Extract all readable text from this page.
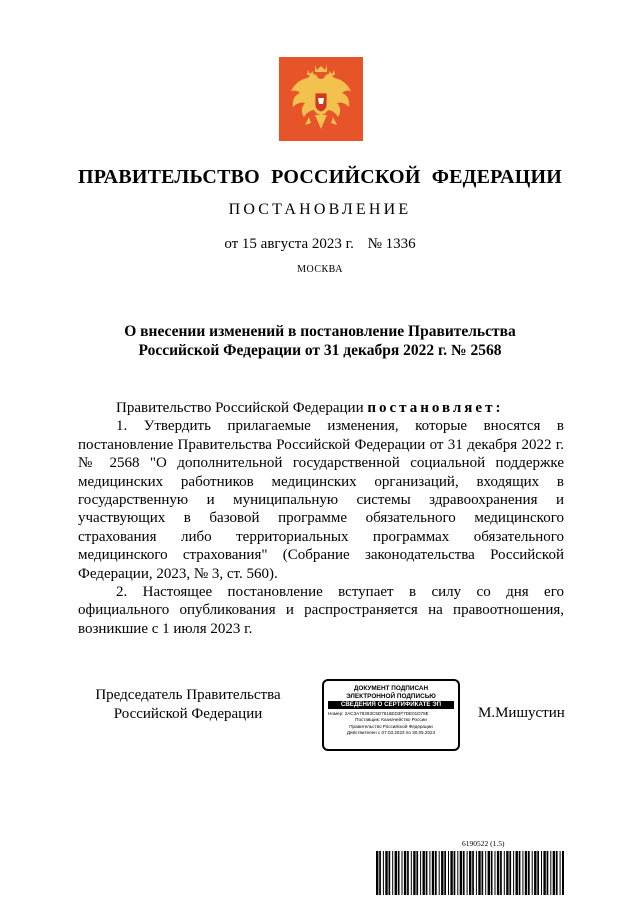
ПРАВИТЕЛЬСТВО РОССИЙСКОЙ ФЕДЕРАЦИИ
ПОСТАНОВЛЕНИЕ
от 15 августа 2023 г. № 1336
МОСКВА
О внесении изменений в постановление Правительства
Российской Федерации от 31 декабря 2022 г. № 2568

Правительство Российской Федерации постановляет:

1. Утвердить прилагаемые изменения, которые вносятся в постановление Правительства Российской Федерации от 31 декабря 2022 г. № 2568 "О дополнительной государственной социальной поддержке медицинских работников медицинских организаций, входящих в государственную и муниципальную системы здравоохранения и участвующих в базовой программе обязательного медицинского страхования либо территориальных программах обязательного медицинского страхования" (Собрание законодательства Российской Федерации, 2023, № 3, ст. 560).

2. Настоящее постановление вступает в силу со дня его официального опубликования и распространяется на правоотношения, возникшие с 1 июля 2023 г.

Председатель Правительства
Российской Федерации
ДОКУМЕНТ ПОДПИСАН
ЭЛЕКТРОННОЙ ПОДПИСЬЮ
СВЕДЕНИЯ О СЕРТИФИКАТЕ ЭП
Номер: 2AC3A79293C5D7616ED3F7DE01D78E
Поставщик: Казначейство России
Правительство Российской Федерации
Действителен с 07.03.2023 по 30.05.2024
М.Мишустин
6190522 (1.5)
